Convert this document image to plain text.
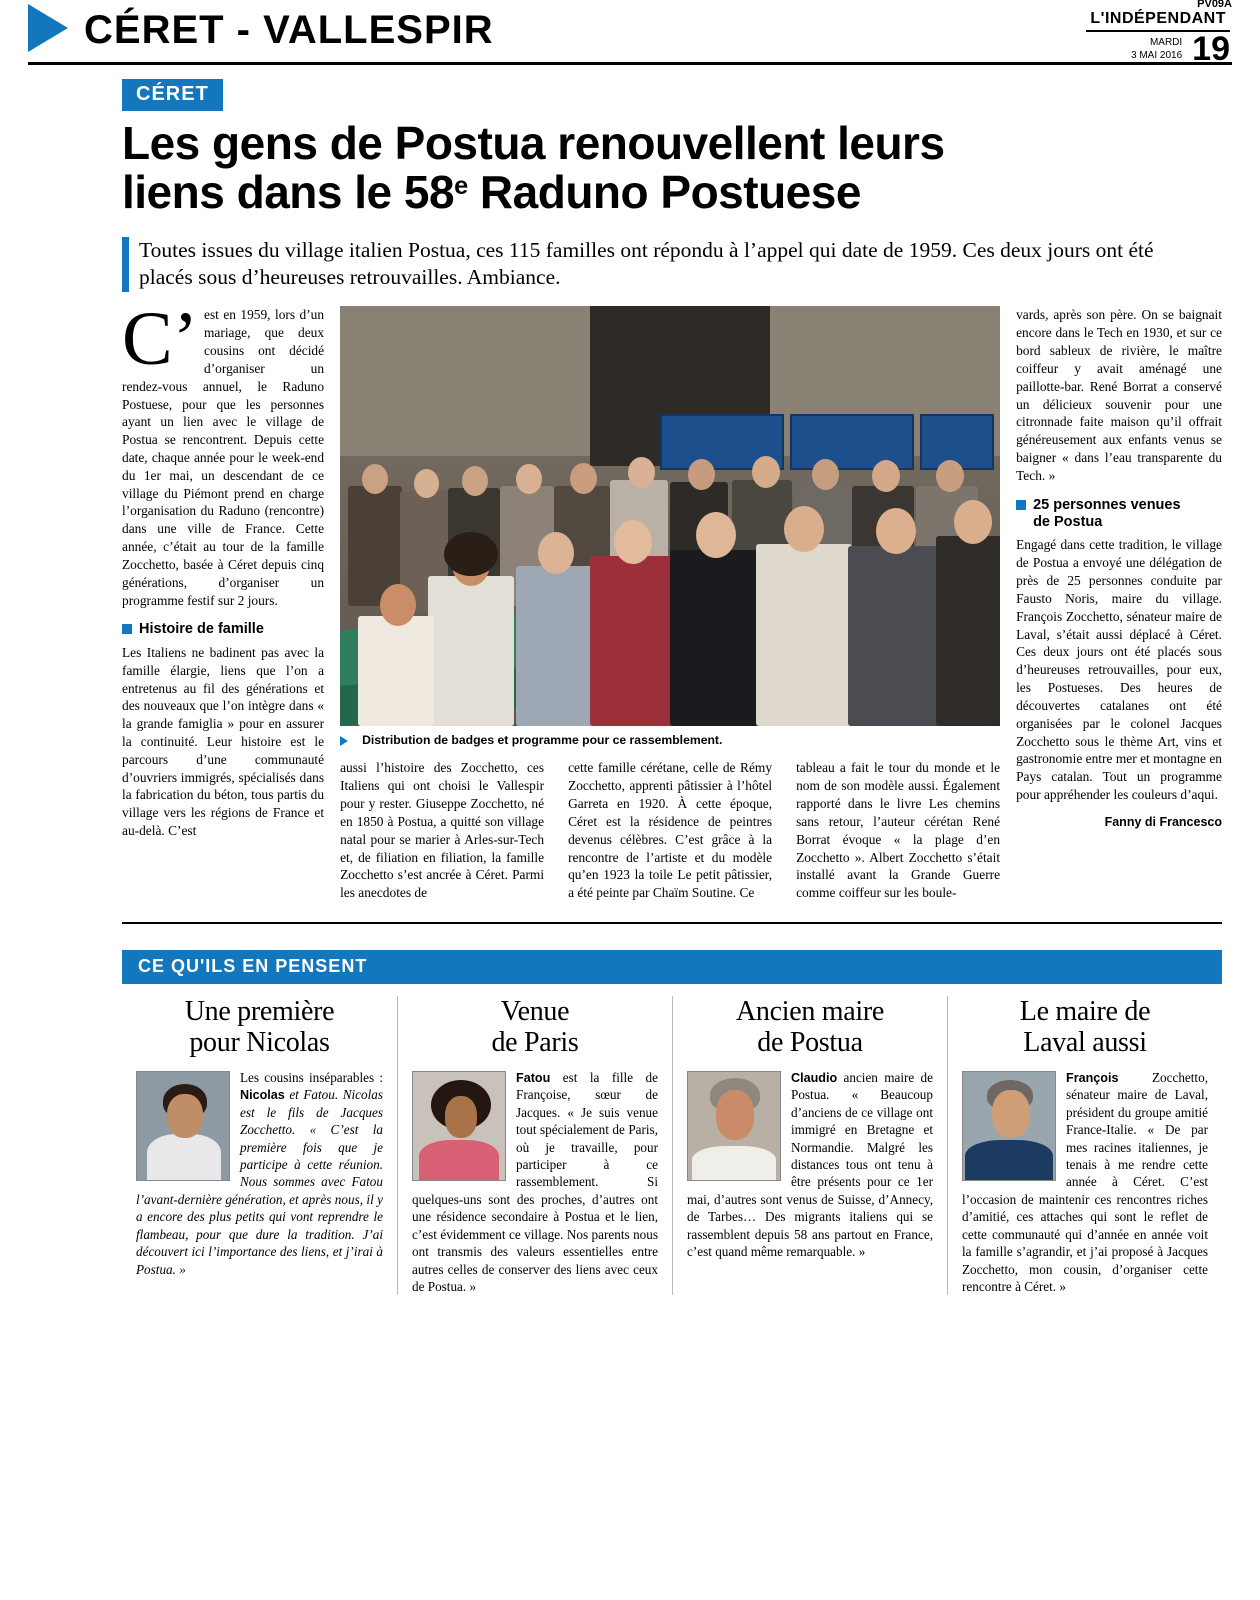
CÉRET - VALLESPIR
PV09A
L'INDÉPENDANT
MARDI
3 MAI 2016 19
CÉRET
Les gens de Postua renouvellent leurs
liens dans le 58e Raduno Postuese
Toutes issues du village italien Postua, ces 115 familles ont répondu à l’appel qui date de 1959. Ces deux jours ont été placés sous d’heureuses retrouvailles. Ambiance.

C’est en 1959, lors d’un mariage, que deux cousins ont décidé d’organiser un rendez-vous annuel, le Raduno Postuese, pour que les personnes ayant un lien avec le village de Postua se rencontrent. Depuis cette date, chaque année pour le week-end du 1er mai, un descendant de ce village du Piémont prend en charge l’organisation du Raduno (rencontre) dans une ville de France. Cette année, c’était au tour de la famille Zocchetto, basée à Céret depuis cinq générations, d’organiser un programme festif sur 2 jours.

Histoire de famille

Les Italiens ne badinent pas avec la famille élargie, liens que l’on a entretenus au fil des générations et des nouveaux que l’on intègre dans « la grande famiglia » pour en assurer la continuité. Leur histoire est le parcours d’une communauté d’ouvriers immigrés, spécialisés dans la fabrication du béton, tous partis du village vers les régions de France et au-delà. C’est

Distribution de badges et programme pour ce rassemblement.
aussi l’histoire des Zocchetto, ces Italiens qui ont choisi le Vallespir pour y rester. Giuseppe Zocchetto, né en 1850 à Postua, a quitté son village natal pour se marier à Arles-sur-Tech et, de filiation en filiation, la famille Zocchetto s’est ancrée à Céret. Parmi les anecdotes de
cette famille cérétane, celle de Rémy Zocchetto, apprenti pâtissier à l’hôtel Garreta en 1920. À cette époque, Céret est la résidence de peintres devenus célèbres. C’est grâce à la rencontre de l’artiste et du modèle qu’en 1923 la toile Le petit pâtissier, a été peinte par Chaïm Soutine. Ce
tableau a fait le tour du monde et le nom de son modèle aussi. Également rapporté dans le livre Les chemins sans retour, l’auteur cérétan René Borrat évoque « la plage d’en Zocchetto ». Albert Zocchetto s’était installé avant la Grande Guerre comme coiffeur sur les boule-

vards, après son père. On se baignait encore dans le Tech en 1930, et sur ce bord sableux de rivière, le maître coiffeur y avait aménagé une paillotte-bar. René Borrat a conservé un délicieux souvenir pour une citronnade faite maison qu’il offrait généreusement aux enfants venus se baigner « dans l’eau transparente du Tech. »

25 personnes venues
de Postua

Engagé dans cette tradition, le village de Postua a envoyé une délégation de près de 25 personnes conduite par Fausto Noris, maire du village. François Zocchetto, sénateur maire de Laval, s’était aussi déplacé à Céret. Ces deux jours ont été placés sous d’heureuses retrouvailles, pour eux, les Postueses. Des heures de découvertes catalanes ont été organisées par le colonel Jacques Zocchetto sous le thème Art, vins et gastronomie entre mer et montagne en Pays catalan. Tout un programme pour appréhender les couleurs d’aqui.

Fanny di Francesco
CE QU'ILS EN PENSENT
Une première
pour Nicolas
Les cousins inséparables : Nicolas et Fatou. Nicolas est le fils de Jacques Zocchetto. « C’est la première fois que je participe à cette réunion. Nous sommes avec Fatou l’avant-dernière génération, et après nous, il y a encore des plus petits qui vont reprendre le flambeau, pour que dure la tradition. J’ai découvert ici l’importance des liens, et j’irai à Postua. »
Venue
de Paris
Fatou est la fille de Françoise, sœur de Jacques. « Je suis venue tout spécialement de Paris, où je travaille, pour participer à ce rassemblement. Si quelques-uns sont des proches, d’autres ont une résidence secondaire à Postua et le lien, c’est évidemment ce village. Nos parents nous ont transmis des valeurs essentielles entre autres celles de conserver des liens avec ceux de Postua. »
Ancien maire
de Postua
Claudio ancien maire de Postua. « Beaucoup d’anciens de ce village ont immigré en Bretagne et Normandie. Malgré les distances tous ont tenu à être présents pour ce 1er mai, d’autres sont venus de Suisse, d’Annecy, de Tarbes… Des migrants italiens qui se rassemblent depuis 58 ans partout en France, c’est quand même remarquable. »
Le maire de
Laval aussi
François Zocchetto, sénateur maire de Laval, président du groupe amitié France-Italie. « De par mes racines italiennes, je tenais à me rendre cette année à Céret. C’est l’occasion de maintenir ces rencontres riches d’amitié, ces attaches qui sont le reflet de cette communauté qui d’année en année voit la famille s’agrandir, et j’ai proposé à Jacques Zocchetto, mon cousin, d’organiser cette rencontre à Céret. »
